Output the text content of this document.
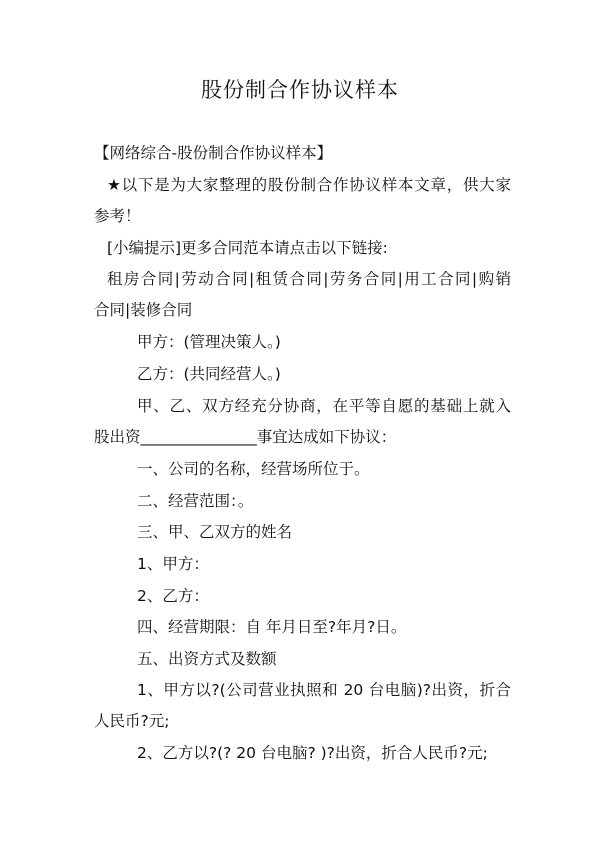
股份制合作协议样本
【网络综合-股份制合作协议样本】
★以下是为大家整理的股份制合作协议样本文章，供大家
参考！
[小编提示]更多合同范本请点击以下链接:
租房合同|劳动合同|租赁合同|劳务合同|用工合同|购销
合同|装修合同
甲方：(管理决策人。)
乙方：(共同经营人。)
甲、乙、双方经充分协商，在平等自愿的基础上就入
股出资_______________事宜达成如下协议：
一、公司的名称，经营场所位于。
二、经营范围：。
三、甲、乙双方的姓名
1、甲方：
2、乙方：
四、经营期限：自 年月日至?年月?日。
五、出资方式及数额
1、甲方以?(公司营业执照和 20 台电脑)?出资，折合
人民币?元;
2、乙方以?(? 20 台电脑? )?出资，折合人民币?元;
